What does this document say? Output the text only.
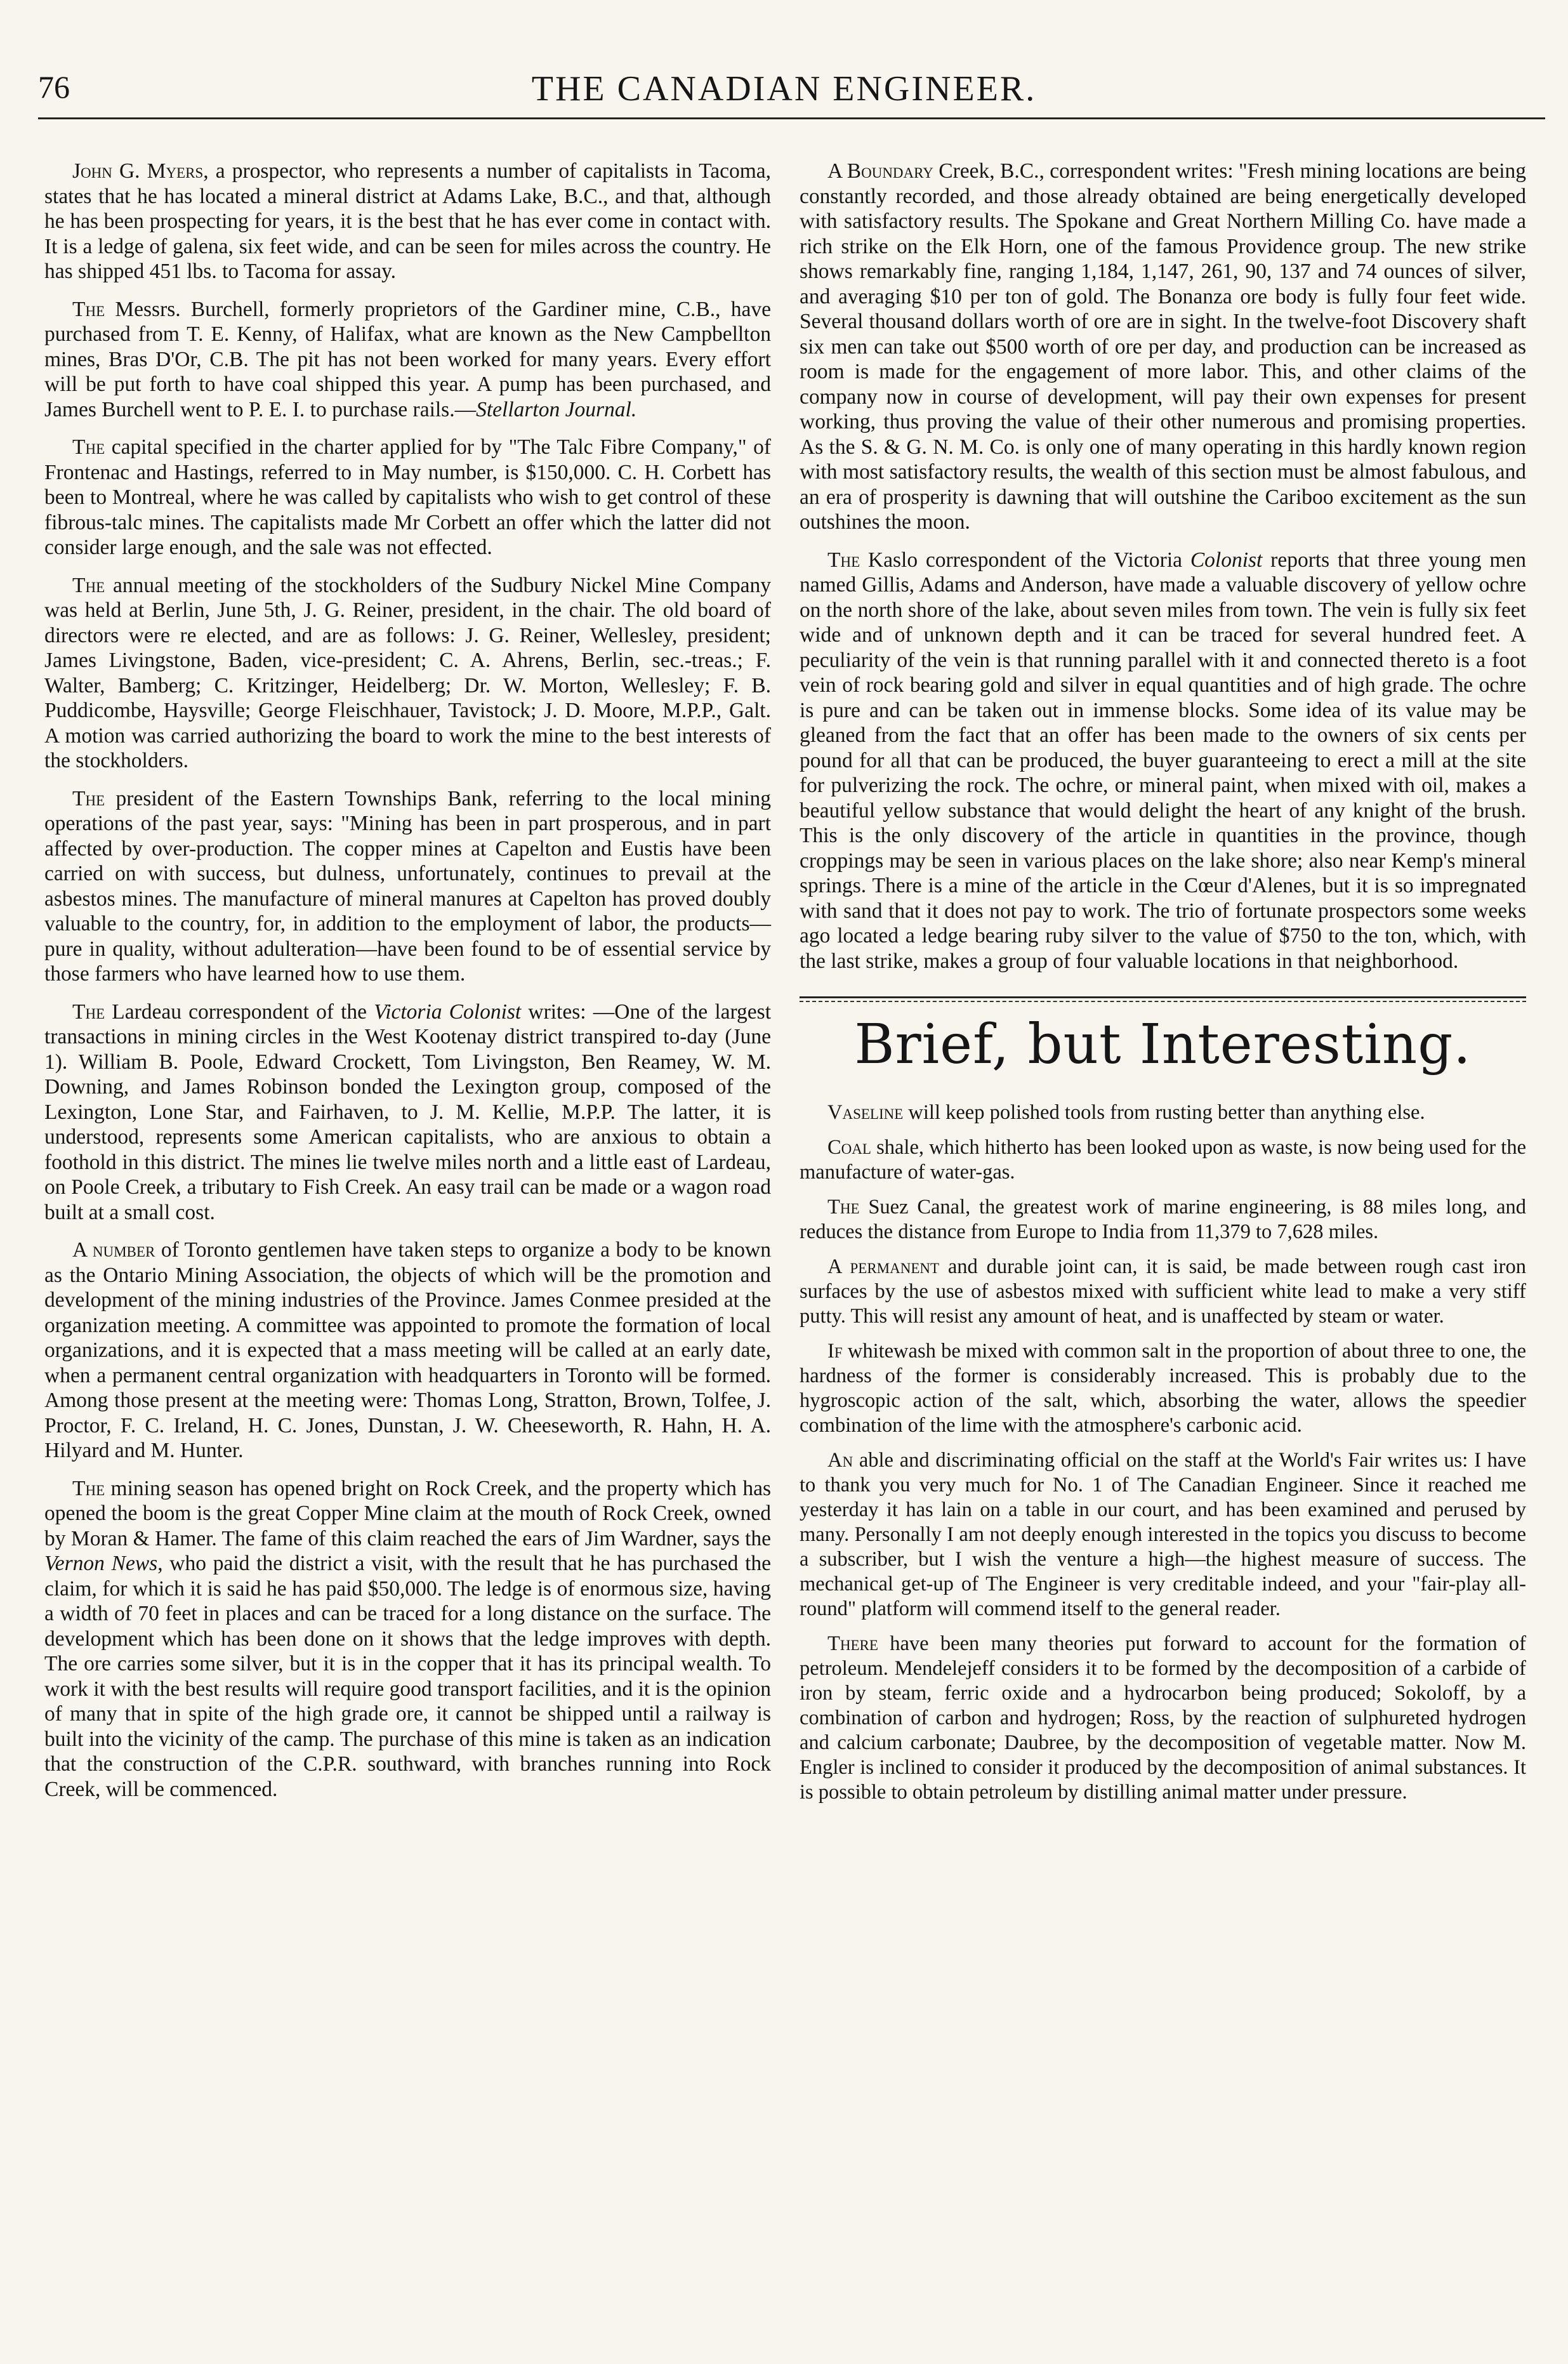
76	THE CANADIAN ENGINEER.

John G. Myers, a prospector, who represents a number of capitalists in Tacoma, states that he has located a mineral district at Adams Lake, B.C., and that, although he has been prospecting for years, it is the best that he has ever come in contact with. It is a ledge of galena, six feet wide, and can be seen for miles across the country. He has shipped 451 lbs. to Tacoma for assay.

The Messrs. Burchell, formerly proprietors of the Gardiner mine, C.B., have purchased from T. E. Kenny, of Halifax, what are known as the New Campbellton mines, Bras D'Or, C.B. The pit has not been worked for many years. Every effort will be put forth to have coal shipped this year. A pump has been purchased, and James Burchell went to P. E. I. to purchase rails.—Stellarton Journal.

The capital specified in the charter applied for by "The Talc Fibre Company," of Frontenac and Hastings, referred to in May number, is $150,000. C. H. Corbett has been to Montreal, where he was called by capitalists who wish to get control of these fibrous-talc mines. The capitalists made Mr Corbett an offer which the latter did not consider large enough, and the sale was not effected.

The annual meeting of the stockholders of the Sudbury Nickel Mine Company was held at Berlin, June 5th, J. G. Reiner, president, in the chair. The old board of directors were re elected, and are as follows: J. G. Reiner, Wellesley, president; James Livingstone, Baden, vice-president; C. A. Ahrens, Berlin, sec.-treas.; F. Walter, Bamberg; C. Kritzinger, Heidelberg; Dr. W. Morton, Wellesley; F. B. Puddicombe, Haysville; George Fleischhauer, Tavistock; J. D. Moore, M.P.P., Galt. A motion was carried authorizing the board to work the mine to the best interests of the stockholders.

The president of the Eastern Townships Bank, referring to the local mining operations of the past year, says: "Mining has been in part prosperous, and in part affected by over-production. The copper mines at Capelton and Eustis have been carried on with success, but dulness, unfortunately, continues to prevail at the asbestos mines. The manufacture of mineral manures at Capelton has proved doubly valuable to the country, for, in addition to the employment of labor, the products—pure in quality, without adulteration—have been found to be of essential service by those farmers who have learned how to use them.

The Lardeau correspondent of the Victoria Colonist writes: —One of the largest transactions in mining circles in the West Kootenay district transpired to-day (June 1). William B. Poole, Edward Crockett, Tom Livingston, Ben Reamey, W. M. Downing, and James Robinson bonded the Lexington group, composed of the Lexington, Lone Star, and Fairhaven, to J. M. Kellie, M.P.P. The latter, it is understood, represents some American capitalists, who are anxious to obtain a foothold in this district. The mines lie twelve miles north and a little east of Lardeau, on Poole Creek, a tributary to Fish Creek. An easy trail can be made or a wagon road built at a small cost.

A number of Toronto gentlemen have taken steps to organize a body to be known as the Ontario Mining Association, the objects of which will be the promotion and development of the mining industries of the Province. James Conmee presided at the organization meeting. A committee was appointed to promote the formation of local organizations, and it is expected that a mass meeting will be called at an early date, when a permanent central organization with headquarters in Toronto will be formed. Among those present at the meeting were: Thomas Long, Stratton, Brown, Tolfee, J. Proctor, F. C. Ireland, H. C. Jones, Dunstan, J. W. Cheeseworth, R. Hahn, H. A. Hilyard and M. Hunter.

The mining season has opened bright on Rock Creek, and the property which has opened the boom is the great Copper Mine claim at the mouth of Rock Creek, owned by Moran & Hamer. The fame of this claim reached the ears of Jim Wardner, says the Vernon News, who paid the district a visit, with the result that he has purchased the claim, for which it is said he has paid $50,000. The ledge is of enormous size, having a width of 70 feet in places and can be traced for a long distance on the surface. The development which has been done on it shows that the ledge improves with depth. The ore carries some silver, but it is in the copper that it has its principal wealth. To work it with the best results will require good transport facilities, and it is the opinion of many that in spite of the high grade ore, it cannot be shipped until a railway is built into the vicinity of the camp. The purchase of this mine is taken as an indication that the construction of the C.P.R. southward, with branches running into Rock Creek, will be commenced.

A Boundary Creek, B.C., correspondent writes: "Fresh mining locations are being constantly recorded, and those already obtained are being energetically developed with satisfactory results. The Spokane and Great Northern Milling Co. have made a rich strike on the Elk Horn, one of the famous Providence group. The new strike shows remarkably fine, ranging 1,184, 1,147, 261, 90, 137 and 74 ounces of silver, and averaging $10 per ton of gold. The Bonanza ore body is fully four feet wide. Several thousand dollars worth of ore are in sight. In the twelve-foot Discovery shaft six men can take out $500 worth of ore per day, and production can be increased as room is made for the engagement of more labor. This, and other claims of the company now in course of development, will pay their own expenses for present working, thus proving the value of their other numerous and promising properties. As the S. & G. N. M. Co. is only one of many operating in this hardly known region with most satisfactory results, the wealth of this section must be almost fabulous, and an era of prosperity is dawning that will outshine the Cariboo excitement as the sun outshines the moon.

The Kaslo correspondent of the Victoria Colonist reports that three young men named Gillis, Adams and Anderson, have made a valuable discovery of yellow ochre on the north shore of the lake, about seven miles from town. The vein is fully six feet wide and of unknown depth and it can be traced for several hundred feet. A peculiarity of the vein is that running parallel with it and connected thereto is a foot vein of rock bearing gold and silver in equal quantities and of high grade. The ochre is pure and can be taken out in immense blocks. Some idea of its value may be gleaned from the fact that an offer has been made to the owners of six cents per pound for all that can be produced, the buyer guaranteeing to erect a mill at the site for pulverizing the rock. The ochre, or mineral paint, when mixed with oil, makes a beautiful yellow substance that would delight the heart of any knight of the brush. This is the only discovery of the article in quantities in the province, though croppings may be seen in various places on the lake shore; also near Kemp's mineral springs. There is a mine of the article in the Cœur d'Alenes, but it is so impregnated with sand that it does not pay to work. The trio of fortunate prospectors some weeks ago located a ledge bearing ruby silver to the value of $750 to the ton, which, with the last strike, makes a group of four valuable locations in that neighborhood.

Brief, but Interesting.

Vaseline will keep polished tools from rusting better than anything else.

Coal shale, which hitherto has been looked upon as waste, is now being used for the manufacture of water-gas.

The Suez Canal, the greatest work of marine engineering, is 88 miles long, and reduces the distance from Europe to India from 11,379 to 7,628 miles.

A permanent and durable joint can, it is said, be made between rough cast iron surfaces by the use of asbestos mixed with sufficient white lead to make a very stiff putty. This will resist any amount of heat, and is unaffected by steam or water.

If whitewash be mixed with common salt in the proportion of about three to one, the hardness of the former is considerably increased. This is probably due to the hygroscopic action of the salt, which, absorbing the water, allows the speedier combination of the lime with the atmosphere's carbonic acid.

An able and discriminating official on the staff at the World's Fair writes us: I have to thank you very much for No. 1 of The Canadian Engineer. Since it reached me yesterday it has lain on a table in our court, and has been examined and perused by many. Personally I am not deeply enough interested in the topics you discuss to become a subscriber, but I wish the venture a high—the highest measure of success. The mechanical get-up of The Engineer is very creditable indeed, and your "fair-play all-round" platform will commend itself to the general reader.

There have been many theories put forward to account for the formation of petroleum. Mendelejeff considers it to be formed by the decomposition of a carbide of iron by steam, ferric oxide and a hydrocarbon being produced; Sokoloff, by a combination of carbon and hydrogen; Ross, by the reaction of sulphureted hydrogen and calcium carbonate; Daubree, by the decomposition of vegetable matter. Now M. Engler is inclined to consider it produced by the decomposition of animal substances. It is possible to obtain petroleum by distilling animal matter under pressure.
